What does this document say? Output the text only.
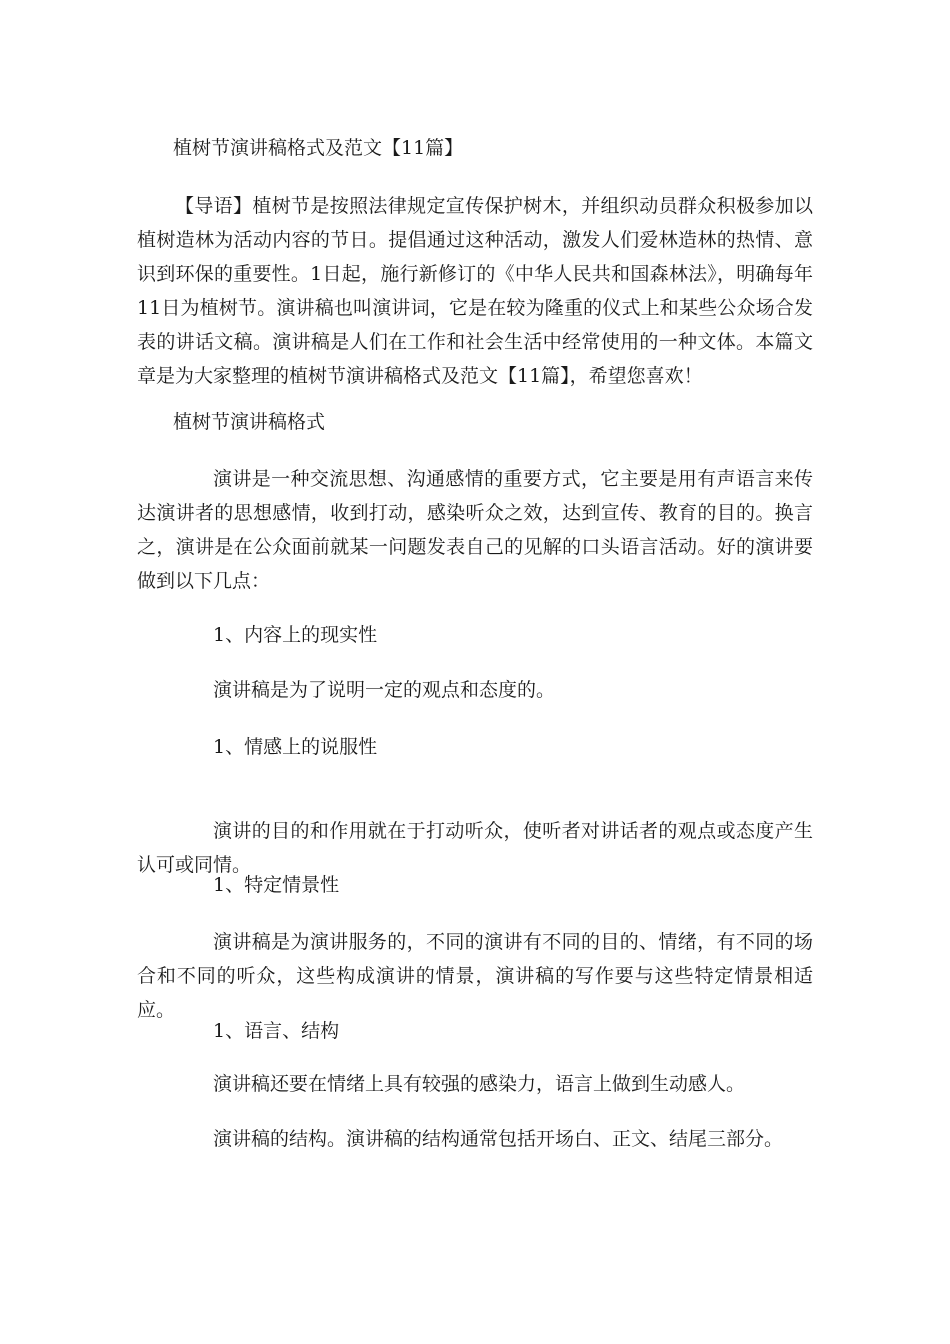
植树节演讲稿格式及范文【11篇】
【导语】植树节是按照法律规定宣传保护树木，并组织动员群众积极参加以植树造林为活动内容的节日。提倡通过这种活动，激发人们爱林造林的热情、意识到环保的重要性。1日起，施行新修订的《中华人民共和国森林法》，明确每年11日为植树节。演讲稿也叫演讲词，它是在较为隆重的仪式上和某些公众场合发表的讲话文稿。演讲稿是人们在工作和社会生活中经常使用的一种文体。本篇文章是为大家整理的植树节演讲稿格式及范文【11篇】，希望您喜欢！
植树节演讲稿格式
演讲是一种交流思想、沟通感情的重要方式，它主要是用有声语言来传达演讲者的思想感情，收到打动，感染听众之效，达到宣传、教育的目的。换言之，演讲是在公众面前就某一问题发表自己的见解的口头语言活动。好的演讲要做到以下几点：
1、内容上的现实性
演讲稿是为了说明一定的观点和态度的。
1、情感上的说服性
演讲的目的和作用就在于打动听众，使听者对讲话者的观点或态度产生认可或同情。
1、特定情景性
演讲稿是为演讲服务的，不同的演讲有不同的目的、情绪，有不同的场合和不同的听众，这些构成演讲的情景，演讲稿的写作要与这些特定情景相适应。
1、语言、结构
演讲稿还要在情绪上具有较强的感染力，语言上做到生动感人。
演讲稿的结构。演讲稿的结构通常包括开场白、正文、结尾三部分。
